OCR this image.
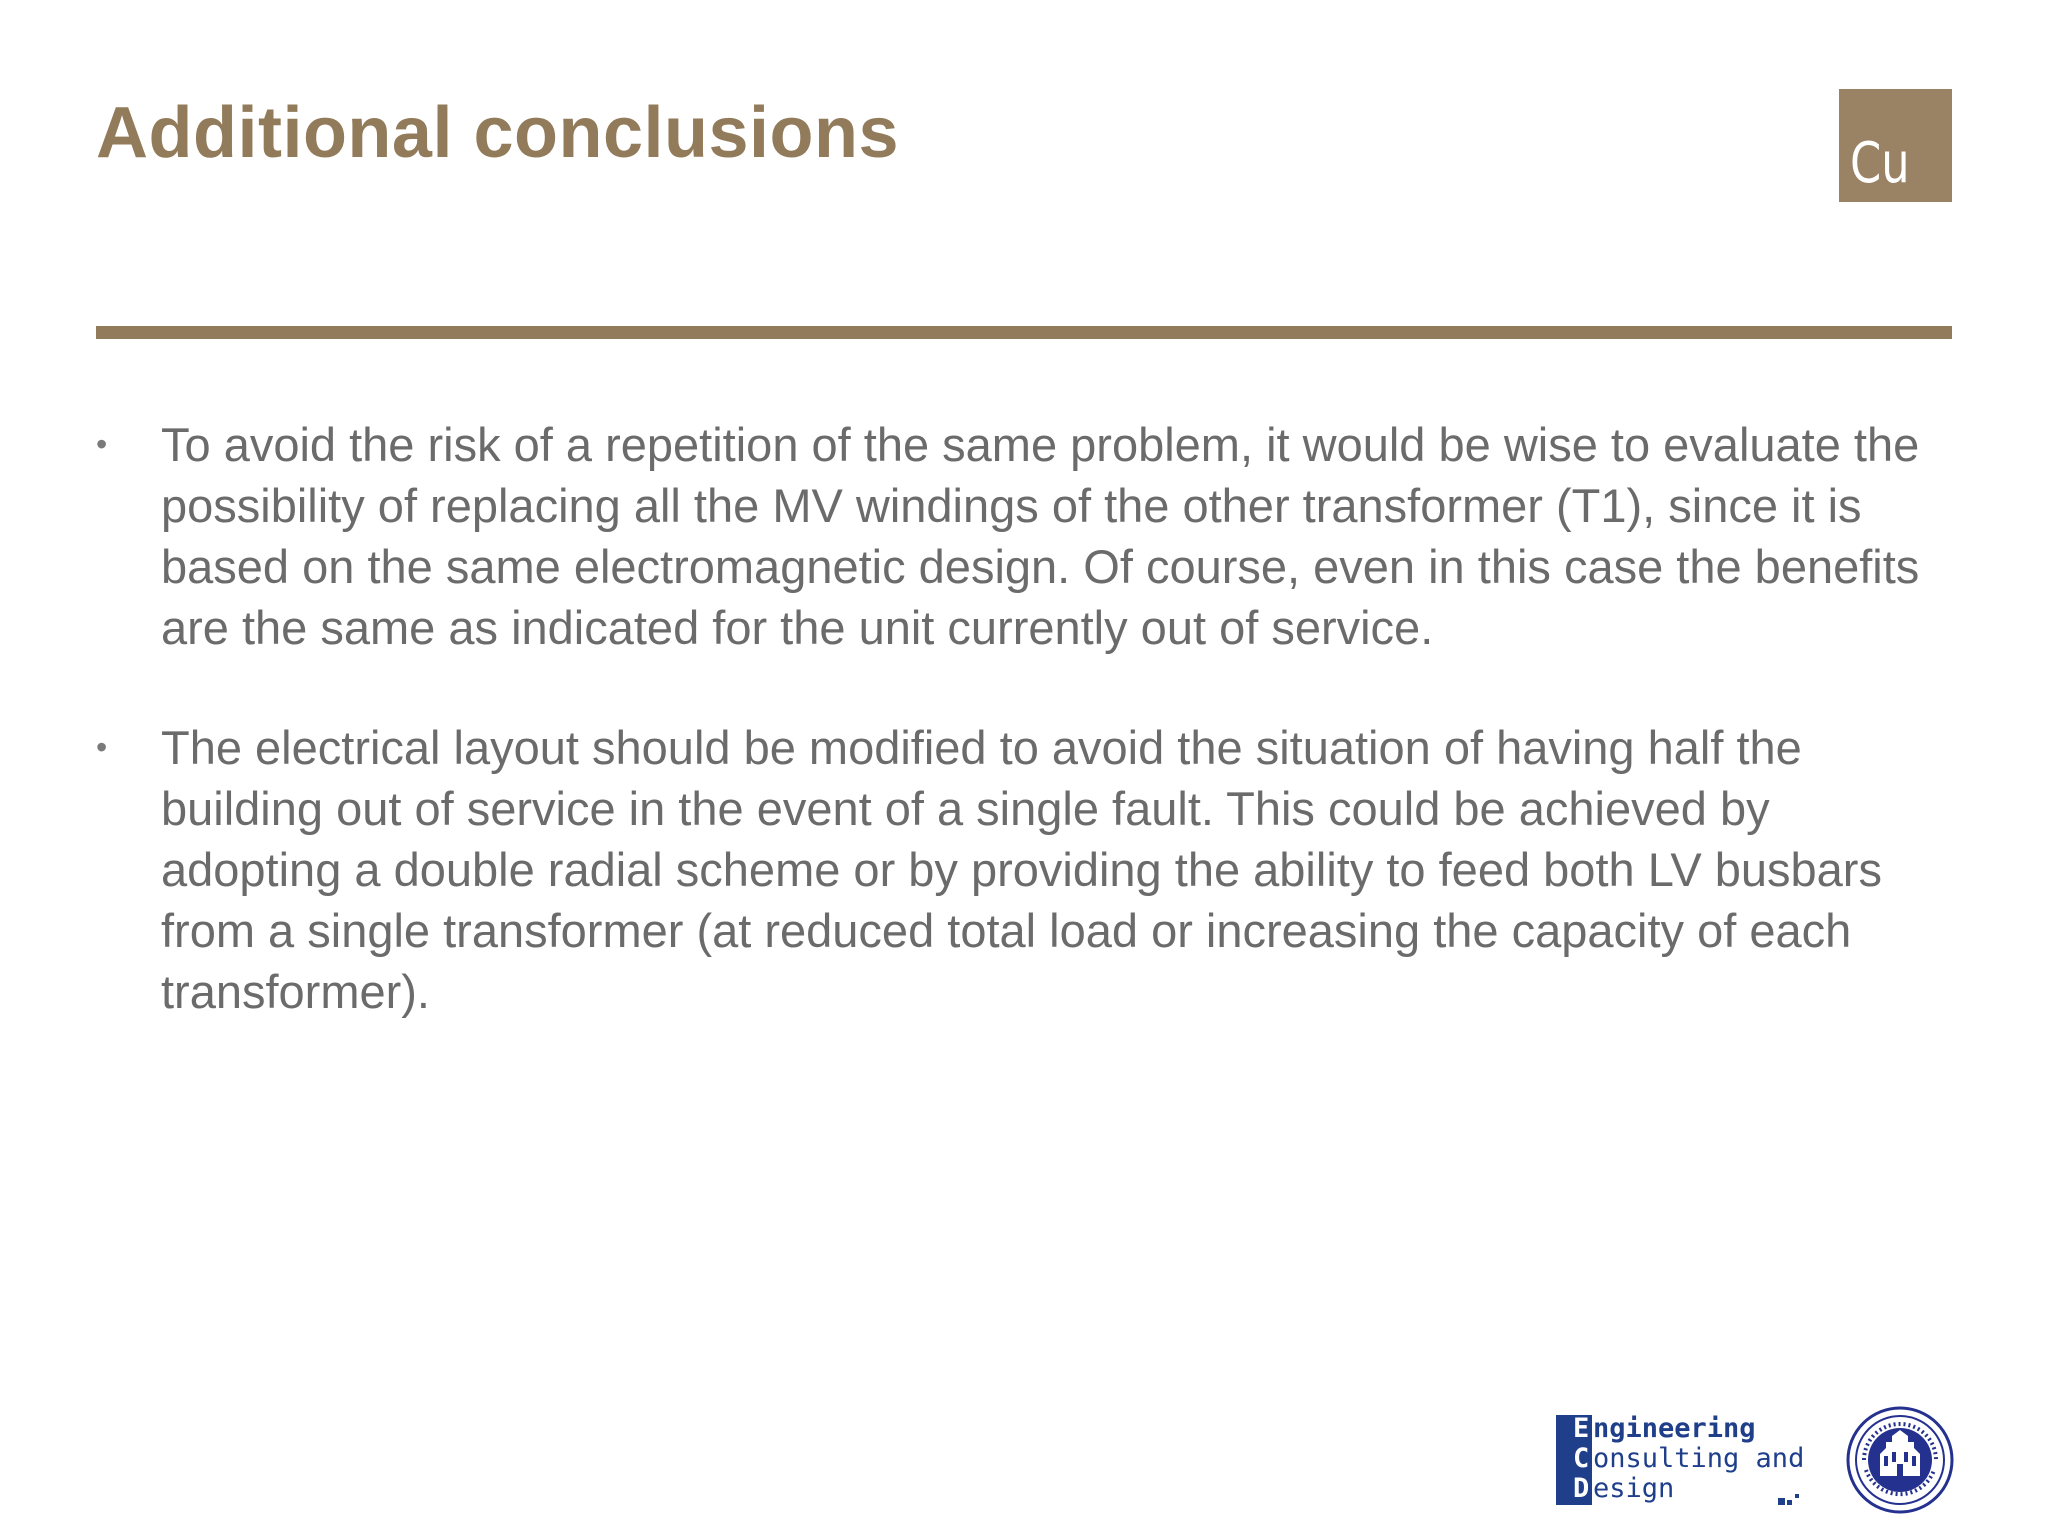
Additional conclusions	Cu
• To avoid the risk of a repetition of the same problem, it would be wise to evaluate the possibility of replacing all the MV windings of the other transformer (T1), since it is based on the same electromagnetic design. Of course, even in this case the benefits are the same as indicated for the unit currently out of service.
• The electrical layout should be modified to avoid the situation of having half the building out of service in the event of a single fault. This could be achieved by adopting a double radial scheme or by providing the ability to feed both LV busbars from a single transformer (at reduced total load or increasing the capacity of each transformer).
E
C
D
ngineering
onsulting and
esign
